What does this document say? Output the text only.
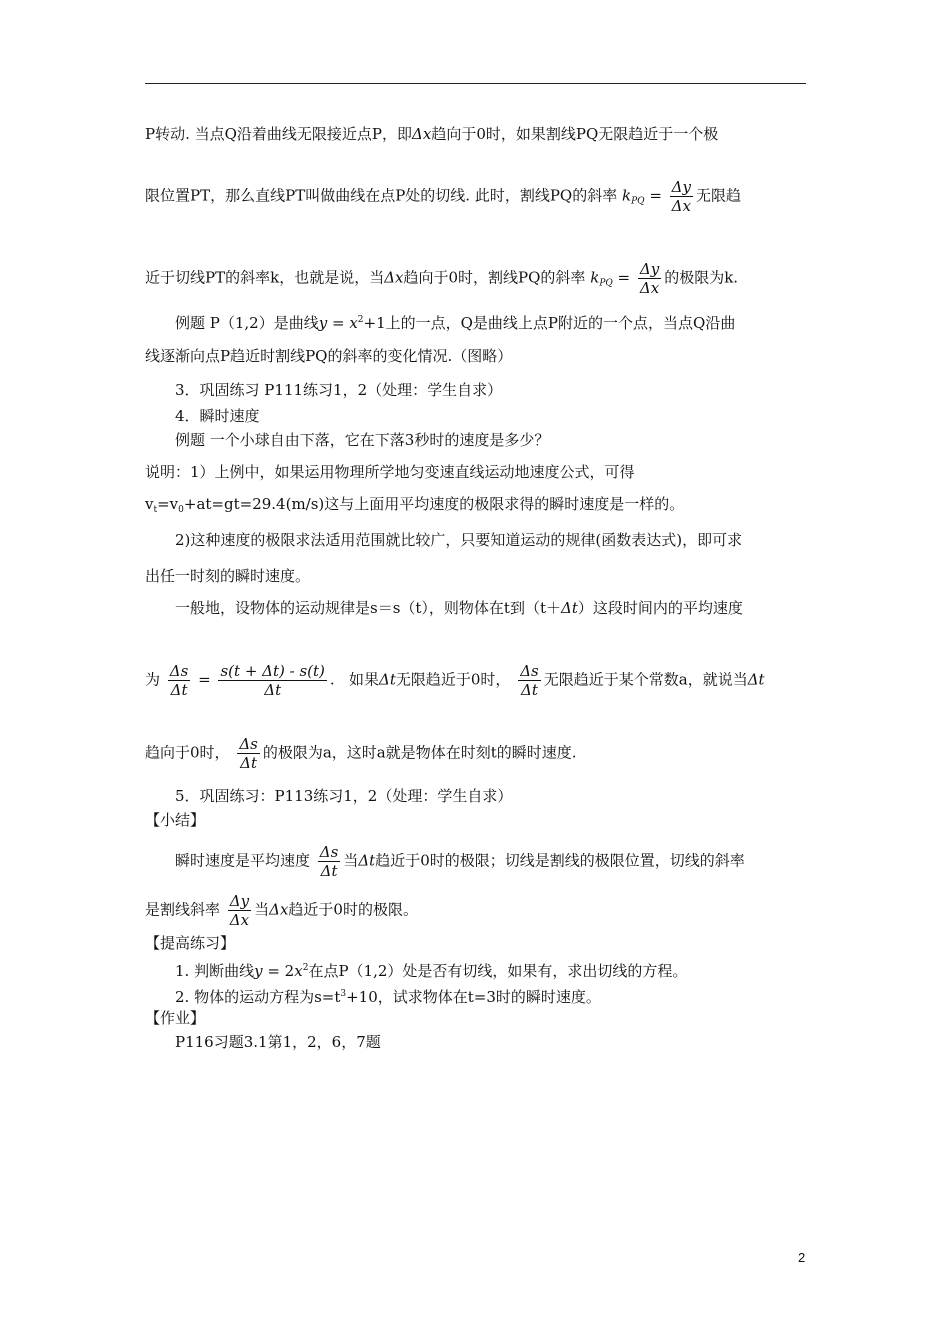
P转动. 当点Q沿着曲线无限接近点P，即Δx趋向于0时，如果割线PQ无限趋近于一个极
限位置PT，那么直线PT叫做曲线在点P处的切线. 此时，割线PQ的斜率 $k_{PQ} = \frac{\Delta y}{\Delta x}$ 无限趋
近于切线PT的斜率k，也就是说，当Δx趋向于0时，割线PQ的斜率 $k_{PQ} = \frac{\Delta y}{\Delta x}$ 的极限为k.
例题 P（1,2）是曲线$y = x^2+1$上的一点，Q是曲线上点P附近的一个点，当点Q沿曲
线逐渐向点P趋近时割线PQ的斜率的变化情况.（图略）
3．巩固练习 P111练习1，2（处理：学生自求）
4．瞬时速度
例题 一个小球自由下落，它在下落3秒时的速度是多少？
说明：1）上例中，如果运用物理所学地匀变速直线运动地速度公式，可得
$v_t=v_0+at=gt=29.4(m/s)$这与上面用平均速度的极限求得的瞬时速度是一样的。
2)这种速度的极限求法适用范围就比较广，只要知道运动的规律(函数表达式)，即可求
出任一时刻的瞬时速度。
一般地，设物体的运动规律是s＝s（t），则物体在t到（t＋Δt）这段时间内的平均速度
为 $\frac{\Delta s}{\Delta t} = \frac{s(t + \Delta t) - s(t)}{\Delta t}$ . 如果Δt无限趋近于0时， $\frac{\Delta s}{\Delta t}$ 无限趋近于某个常数a，就说当Δt
趋向于0时， $\frac{\Delta s}{\Delta t}$ 的极限为a，这时a就是物体在时刻t的瞬时速度.
5．巩固练习：P113练习1，2（处理：学生自求）
【小结】
瞬时速度是平均速度 $\frac{\Delta s}{\Delta t}$ 当Δt趋近于0时的极限；切线是割线的极限位置，切线的斜率
是割线斜率 $\frac{\Delta y}{\Delta x}$ 当Δx趋近于0时的极限。
【提高练习】
1. 判断曲线$y = 2x^2$在点P（1,2）处是否有切线，如果有，求出切线的方程。
2. 物体的运动方程为$s=t^3+10$，试求物体在t=3时的瞬时速度。
【作业】
P116习题3.1第1，2，6，7题
2
